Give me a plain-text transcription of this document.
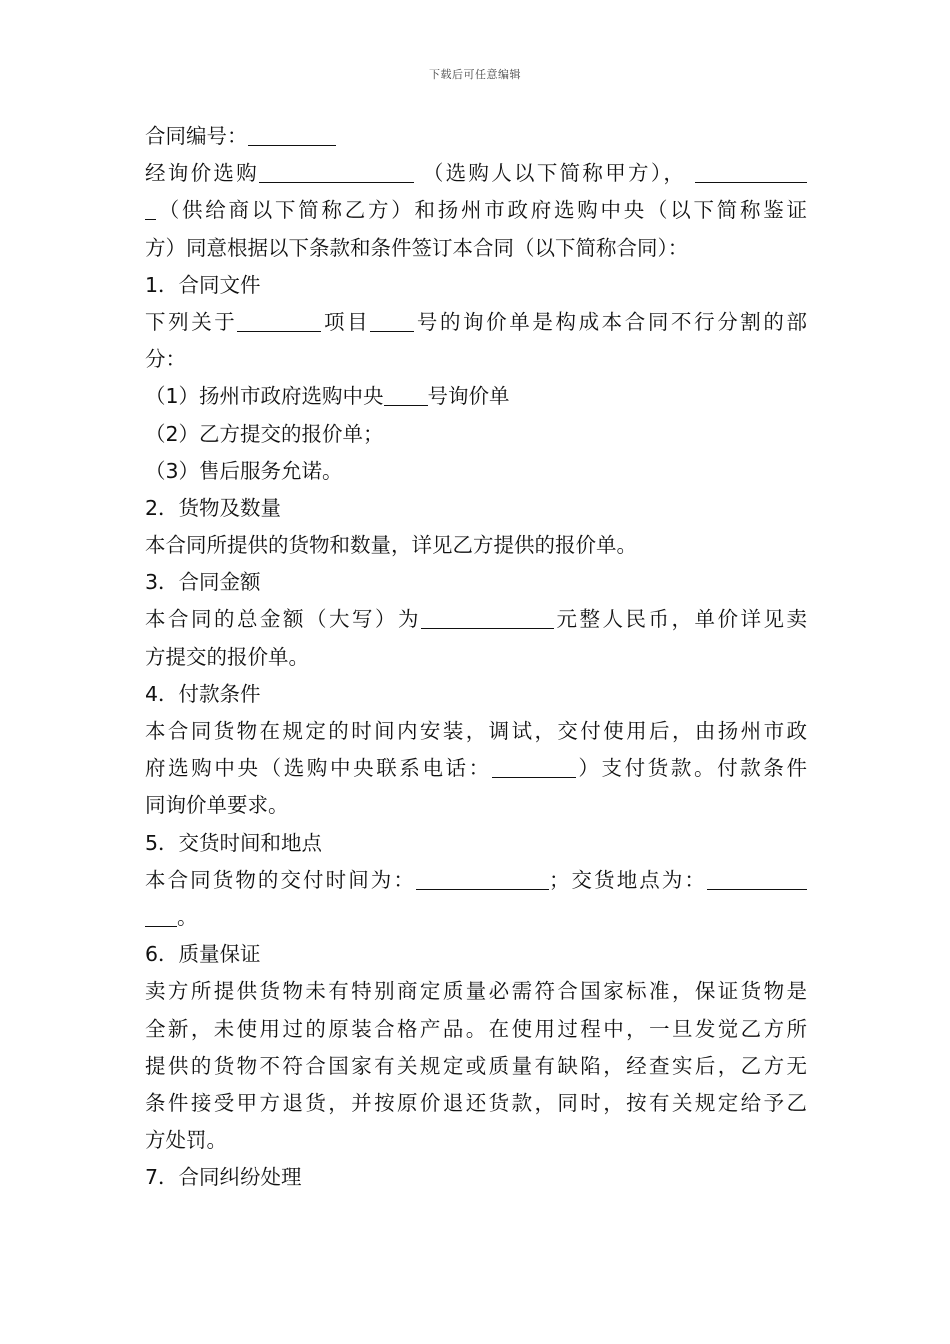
下载后可任意编辑
合同编号：
经询价选购	（选购人以下简称甲方），
（供给商以下简称乙方）和扬州市政府选购中央（以下简称鉴证
方）同意根据以下条款和条件签订本合同（以下简称合同）：
1．合同文件
下列关于	项目 号的询价单是构成本合同不行分割的部
分：
（1）扬州市政府选购中央 号询价单
（2）乙方提交的报价单；
（3）售后服务允诺。
2．货物及数量
本合同所提供的货物和数量，详见乙方提供的报价单。
3．合同金额
本合同的总金额（大写）为	元整人民币，单价详见卖
方提交的报价单。
4．付款条件
本合同货物在规定的时间内安装，调试，交付使用后，由扬州市政
府选购中央（选购中央联系电话：	）支付货款。付款条件
同询价单要求。
5．交货时间和地点
本合同货物的交付时间为：	；交货地点为：
。
6．质量保证
卖方所提供货物未有特别商定质量必需符合国家标准，保证货物是
全新，未使用过的原装合格产品。在使用过程中，一旦发觉乙方所
提供的货物不符合国家有关规定或质量有缺陷，经查实后，乙方无
条件接受甲方退货，并按原价退还货款，同时，按有关规定给予乙
方处罚。
7．合同纠纷处理
